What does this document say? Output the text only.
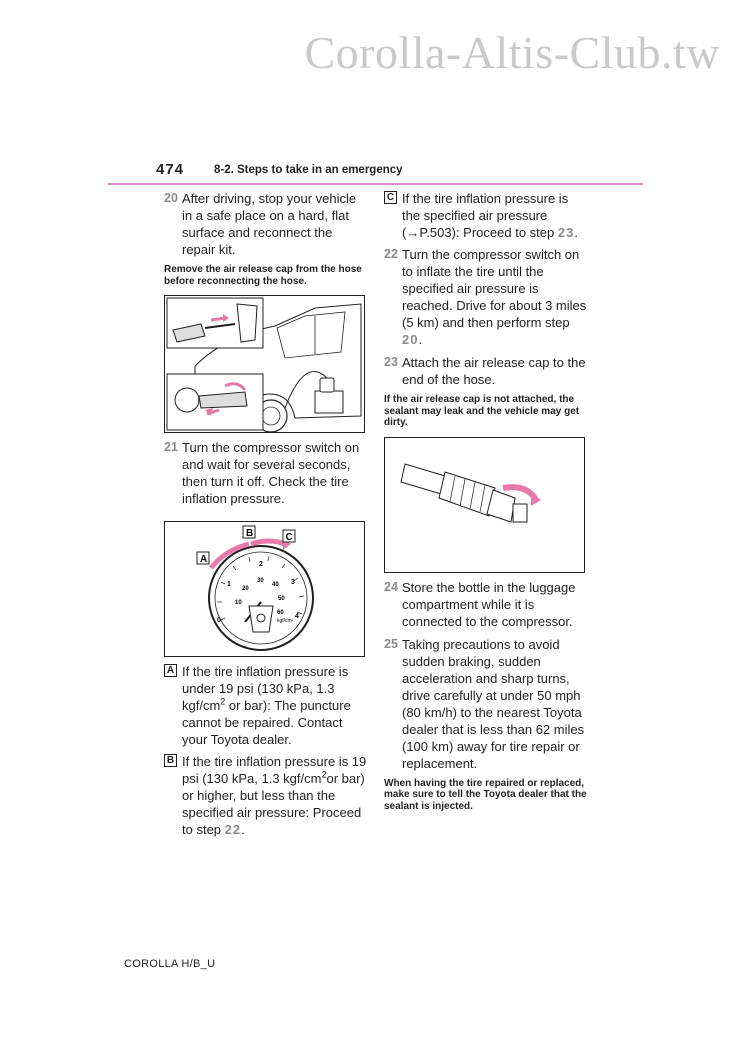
Corolla-Altis-Club.tw
474	8-2. Steps to take in an emergency
20 After driving, stop your vehicle in a safe place on a hard, flat surface and reconnect the repair kit.
Remove the air release cap from the hose before reconnecting the hose.
21 Turn the compressor switch on and wait for several seconds, then turn it off. Check the tire inflation pressure.
0
1
2
3
4
10
20
30
40
50
60
kgf/cm²
A
B	C
A If the tire inflation pressure is under 19 psi (130 kPa, 1.3 kgf/$cm^2$ or bar): The puncture cannot be repaired. Contact your Toyota dealer.
B If the tire inflation pressure is 19 psi (130 kPa, 1.3 kgf/$cm^2or$ bar) or higher, but less than the specified air pressure: Proceed to step 22.
C If the tire inflation pressure is the specified air pressure (→P.503): Proceed to step 23.
22 Turn the compressor switch on to inflate the tire until the specified air pressure is reached. Drive for about 3 miles (5 km) and then perform step 20.
23 Attach the air release cap to the end of the hose.
If the air release cap is not attached, the sealant may leak and the vehicle may get dirty.
24 Store the bottle in the luggage compartment while it is connected to the compressor.
25 Taking precautions to avoid sudden braking, sudden acceleration and sharp turns, drive carefully at under 50 mph (80 km/h) to the nearest Toyota dealer that is less than 62 miles (100 km) away for tire repair or replacement.
When having the tire repaired or replaced, make sure to tell the Toyota dealer that the sealant is injected.
COROLLA H/B_U
